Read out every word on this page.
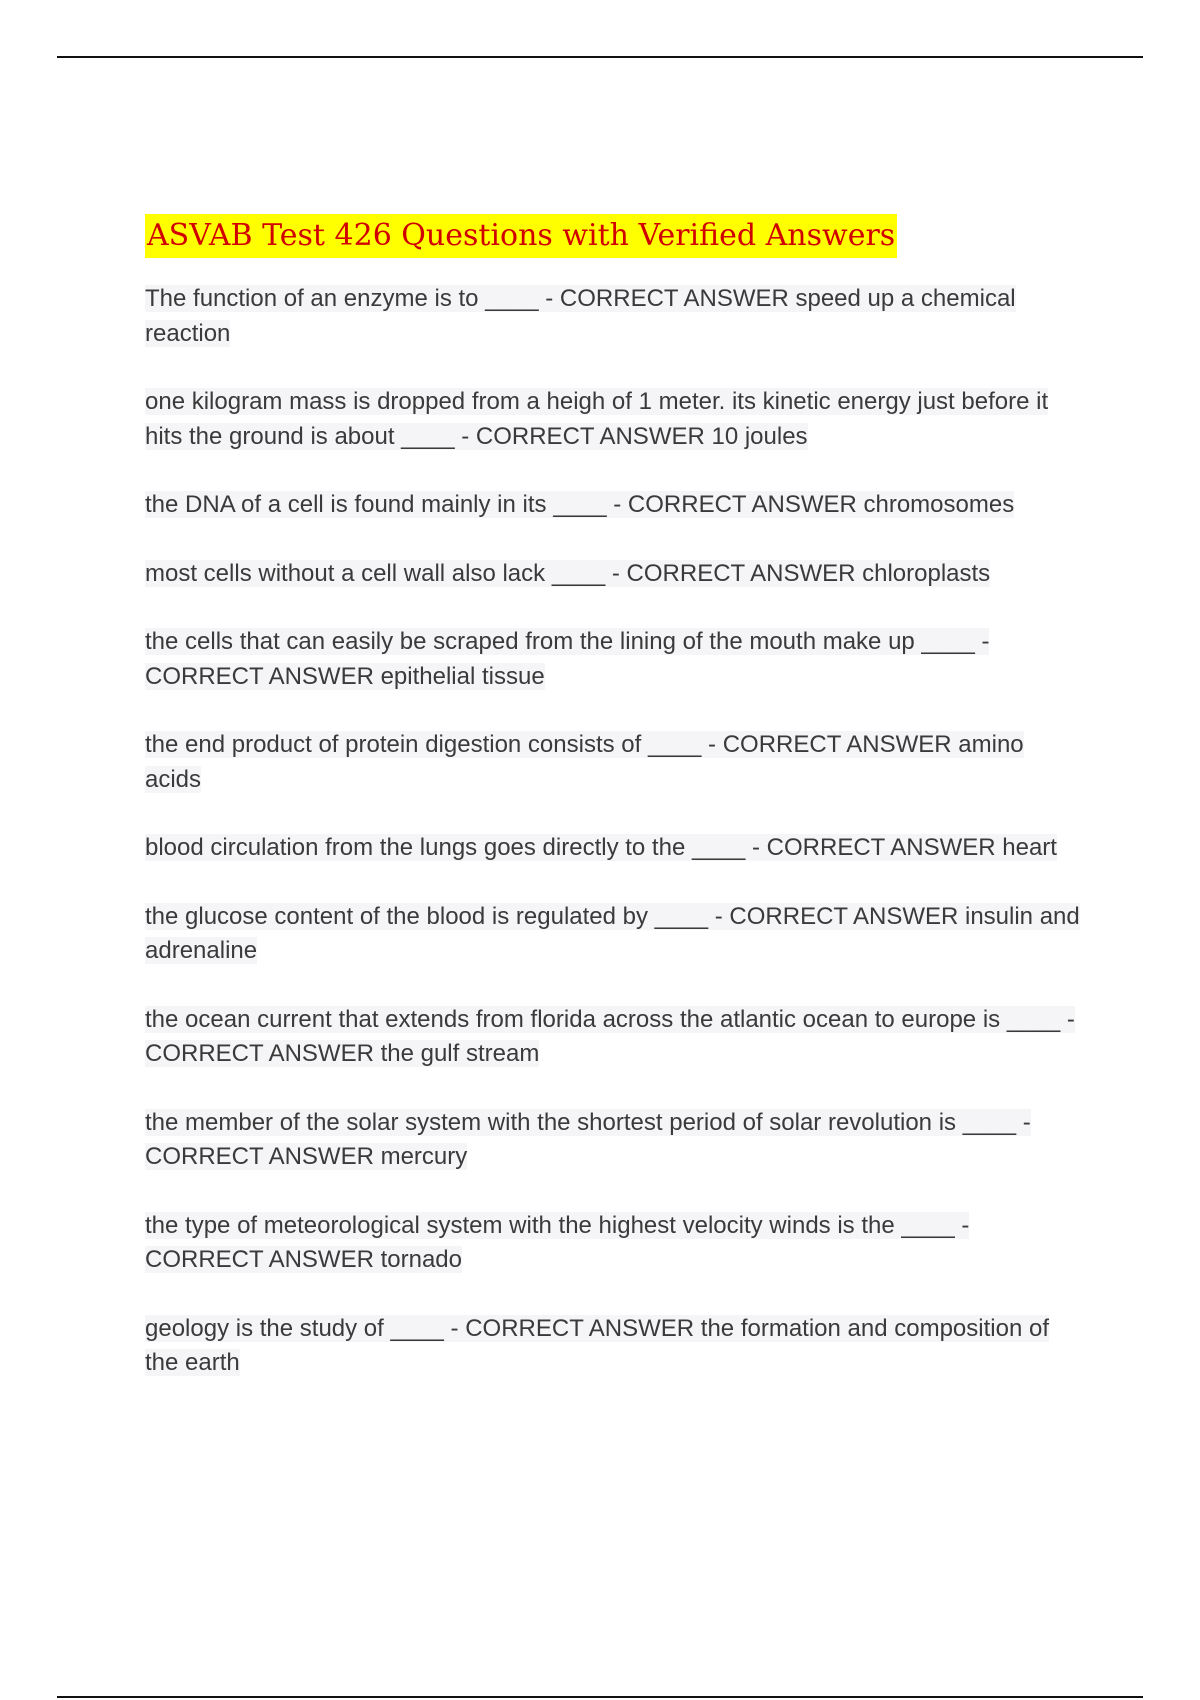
ASVAB Test 426 Questions with Verified Answers
The function of an enzyme is to ____ - CORRECT ANSWER speed up a chemical reaction
one kilogram mass is dropped from a heigh of 1 meter. its kinetic energy just before it hits the ground is about ____ - CORRECT ANSWER 10 joules
the DNA of a cell is found mainly in its ____ - CORRECT ANSWER chromosomes
most cells without a cell wall also lack ____ - CORRECT ANSWER chloroplasts
the cells that can easily be scraped from the lining of the mouth make up ____ - CORRECT ANSWER epithelial tissue
the end product of protein digestion consists of ____ - CORRECT ANSWER amino acids
blood circulation from the lungs goes directly to the ____ - CORRECT ANSWER heart
the glucose content of the blood is regulated by ____ - CORRECT ANSWER insulin and adrenaline
the ocean current that extends from florida across the atlantic ocean to europe is ____ - CORRECT ANSWER the gulf stream
the member of the solar system with the shortest period of solar revolution is ____ - CORRECT ANSWER mercury
the type of meteorological system with the highest velocity winds is the ____ - CORRECT ANSWER tornado
geology is the study of ____ - CORRECT ANSWER the formation and composition of the earth
